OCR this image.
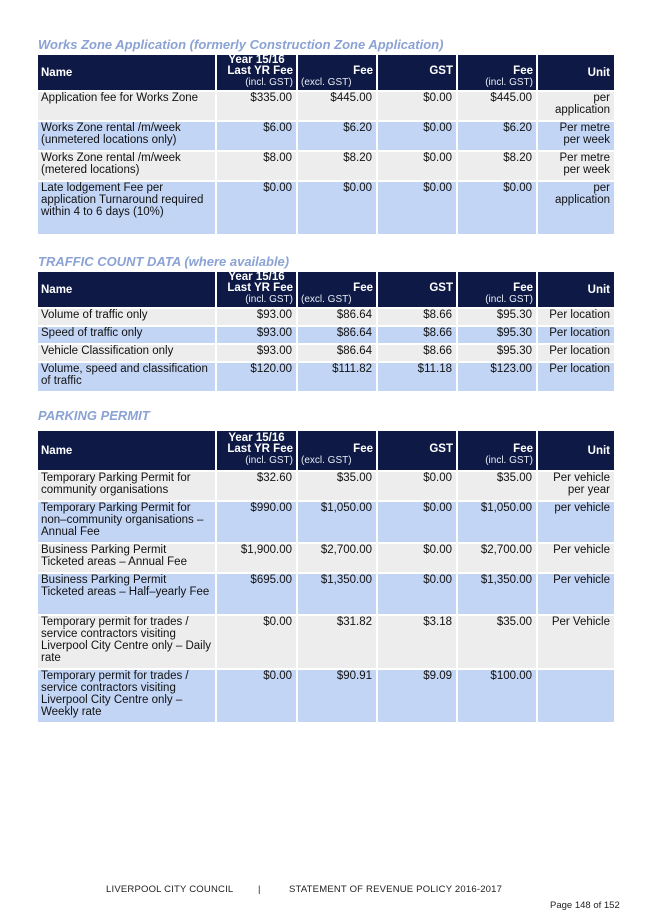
Works Zone Application (formerly Construction Zone Application)
Name	Year 15/16
Last YR Fee
(incl. GST)	Fee
(excl. GST)	GST	Fee
(incl. GST)	Unit
Application fee for Works Zone	$335.00	$445.00	$0.00	$445.00	per application
Works Zone rental /m/week (unmetered locations only)	$6.00	$6.20	$0.00	$6.20	Per metre per week
Works Zone rental /m/week (metered locations)	$8.00	$8.20	$0.00	$8.20	Per metre per week
Late lodgement Fee per application Turnaround required within 4 to 6 days (10%)	$0.00	$0.00	$0.00	$0.00	per application
TRAFFIC COUNT DATA (where available)
Name	Year 15/16
Last YR Fee
(incl. GST)	Fee
(excl. GST)	GST	Fee
(incl. GST)	Unit
Volume of traffic only	$93.00	$86.64	$8.66	$95.30	Per location
Speed of traffic only	$93.00	$86.64	$8.66	$95.30	Per location
Vehicle Classification only	$93.00	$86.64	$8.66	$95.30	Per location
Volume, speed and classification of traffic	$120.00	$111.82	$11.18	$123.00	Per location
PARKING PERMIT
Name	Year 15/16
Last YR Fee
(incl. GST)	Fee
(excl. GST)	GST	Fee
(incl. GST)	Unit
Temporary Parking Permit for community organisations	$32.60	$35.00	$0.00	$35.00	Per vehicle per year
Temporary Parking Permit for non–community organisations – Annual Fee	$990.00	$1,050.00	$0.00	$1,050.00	per vehicle
Business Parking Permit Ticketed areas – Annual Fee	$1,900.00	$2,700.00	$0.00	$2,700.00	Per vehicle
Business Parking Permit Ticketed areas – Half–yearly Fee	$695.00	$1,350.00	$0.00	$1,350.00	Per vehicle
Temporary permit for trades / service contractors visiting Liverpool City Centre only – Daily rate	$0.00	$31.82	$3.18	$35.00	Per Vehicle
Temporary permit for trades / service contractors visiting Liverpool City Centre only – Weekly rate	$0.00	$90.91	$9.09	$100.00	
LIVERPOOL CITY COUNCIL	|	STATEMENT OF REVENUE POLICY 2016-2017
Page 148 of 152
